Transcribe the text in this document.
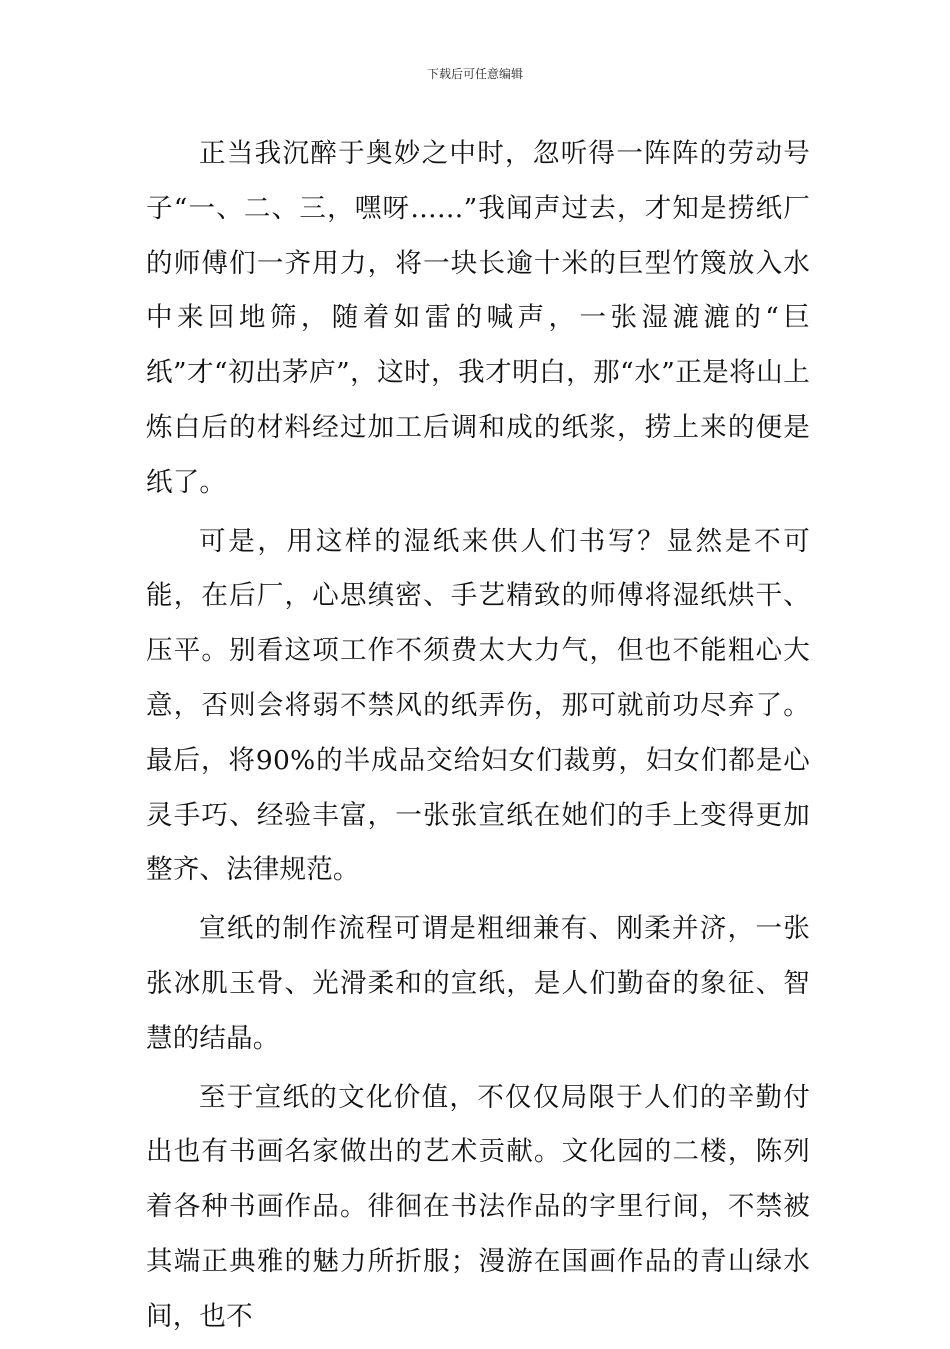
下载后可任意编辑

正当我沉醉于奥妙之中时，忽听得一阵阵的劳动号子“一、二、三，嘿呀……”我闻声过去，才知是捞纸厂的师傅们一齐用力，将一块长逾十米的巨型竹篾放入水中来回地筛，随着如雷的喊声，一张湿漉漉的“巨纸”才“初出茅庐”，这时，我才明白，那“水”正是将山上炼白后的材料经过加工后调和成的纸浆，捞上来的便是纸了。

可是，用这样的湿纸来供人们书写？显然是不可能，在后厂，心思缜密、手艺精致的师傅将湿纸烘干、压平。别看这项工作不须费太大力气，但也不能粗心大意，否则会将弱不禁风的纸弄伤，那可就前功尽弃了。最后，将90%的半成品交给妇女们裁剪，妇女们都是心灵手巧、经验丰富，一张张宣纸在她们的手上变得更加整齐、法律规范。

宣纸的制作流程可谓是粗细兼有、刚柔并济，一张张冰肌玉骨、光滑柔和的宣纸，是人们勤奋的象征、智慧的结晶。

至于宣纸的文化价值，不仅仅局限于人们的辛勤付出也有书画名家做出的艺术贡献。文化园的二楼，陈列着各种书画作品。徘徊在书法作品的字里行间，不禁被其端正典雅的魅力所折服；漫游在国画作品的青山绿水间，也不
